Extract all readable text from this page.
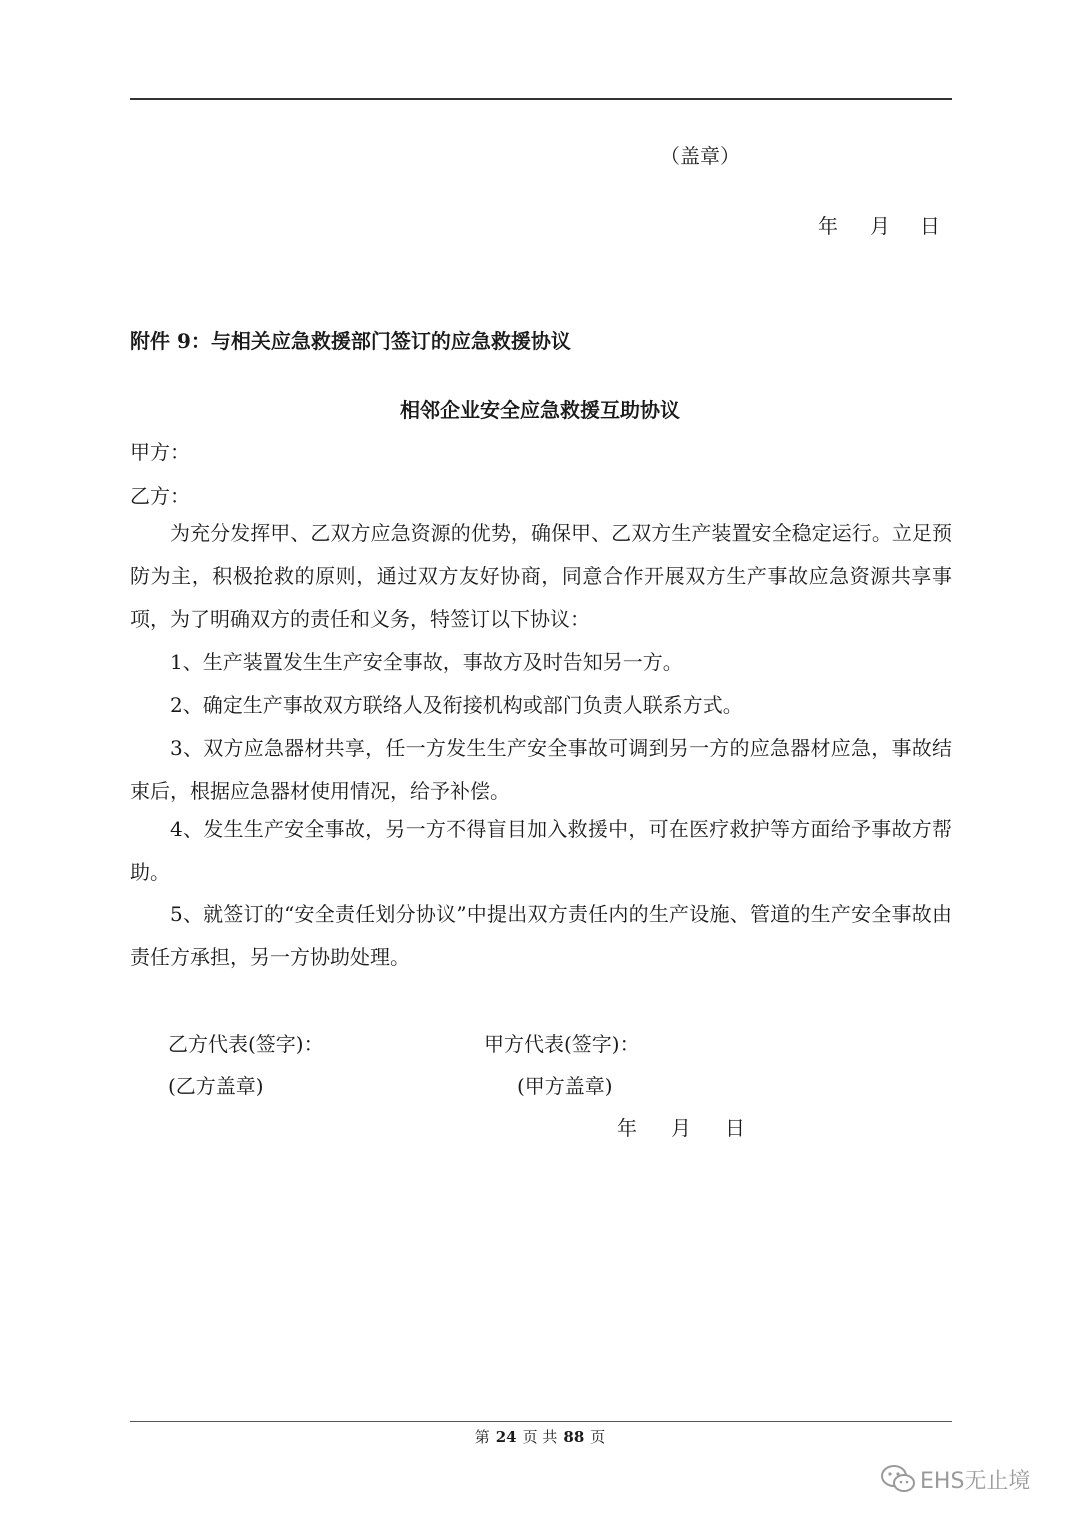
（盖章）
年 月 日
附件 9：与相关应急救援部门签订的应急救援协议
相邻企业安全应急救援互助协议
甲方：
乙方：
为充分发挥甲、乙双方应急资源的优势，确保甲、乙双方生产装置安全稳定运行。立足预防为主，积极抢救的原则，通过双方友好协商，同意合作开展双方生产事故应急资源共享事项，为了明确双方的责任和义务，特签订以下协议：
1、生产装置发生生产安全事故，事故方及时告知另一方。
2、确定生产事故双方联络人及衔接机构或部门负责人联系方式。
3、双方应急器材共享，任一方发生生产安全事故可调到另一方的应急器材应急，事故结束后，根据应急器材使用情况，给予补偿。
4、发生生产安全事故，另一方不得盲目加入救援中，可在医疗救护等方面给予事故方帮助。
5、就签订的“安全责任划分协议”中提出双方责任内的生产设施、管道的生产安全事故由责任方承担，另一方协助处理。
乙方代表(签字)：	甲方代表(签字)：
(乙方盖章)	(甲方盖章)
年 月 日
第 24 页 共 88 页
EHS无止境
